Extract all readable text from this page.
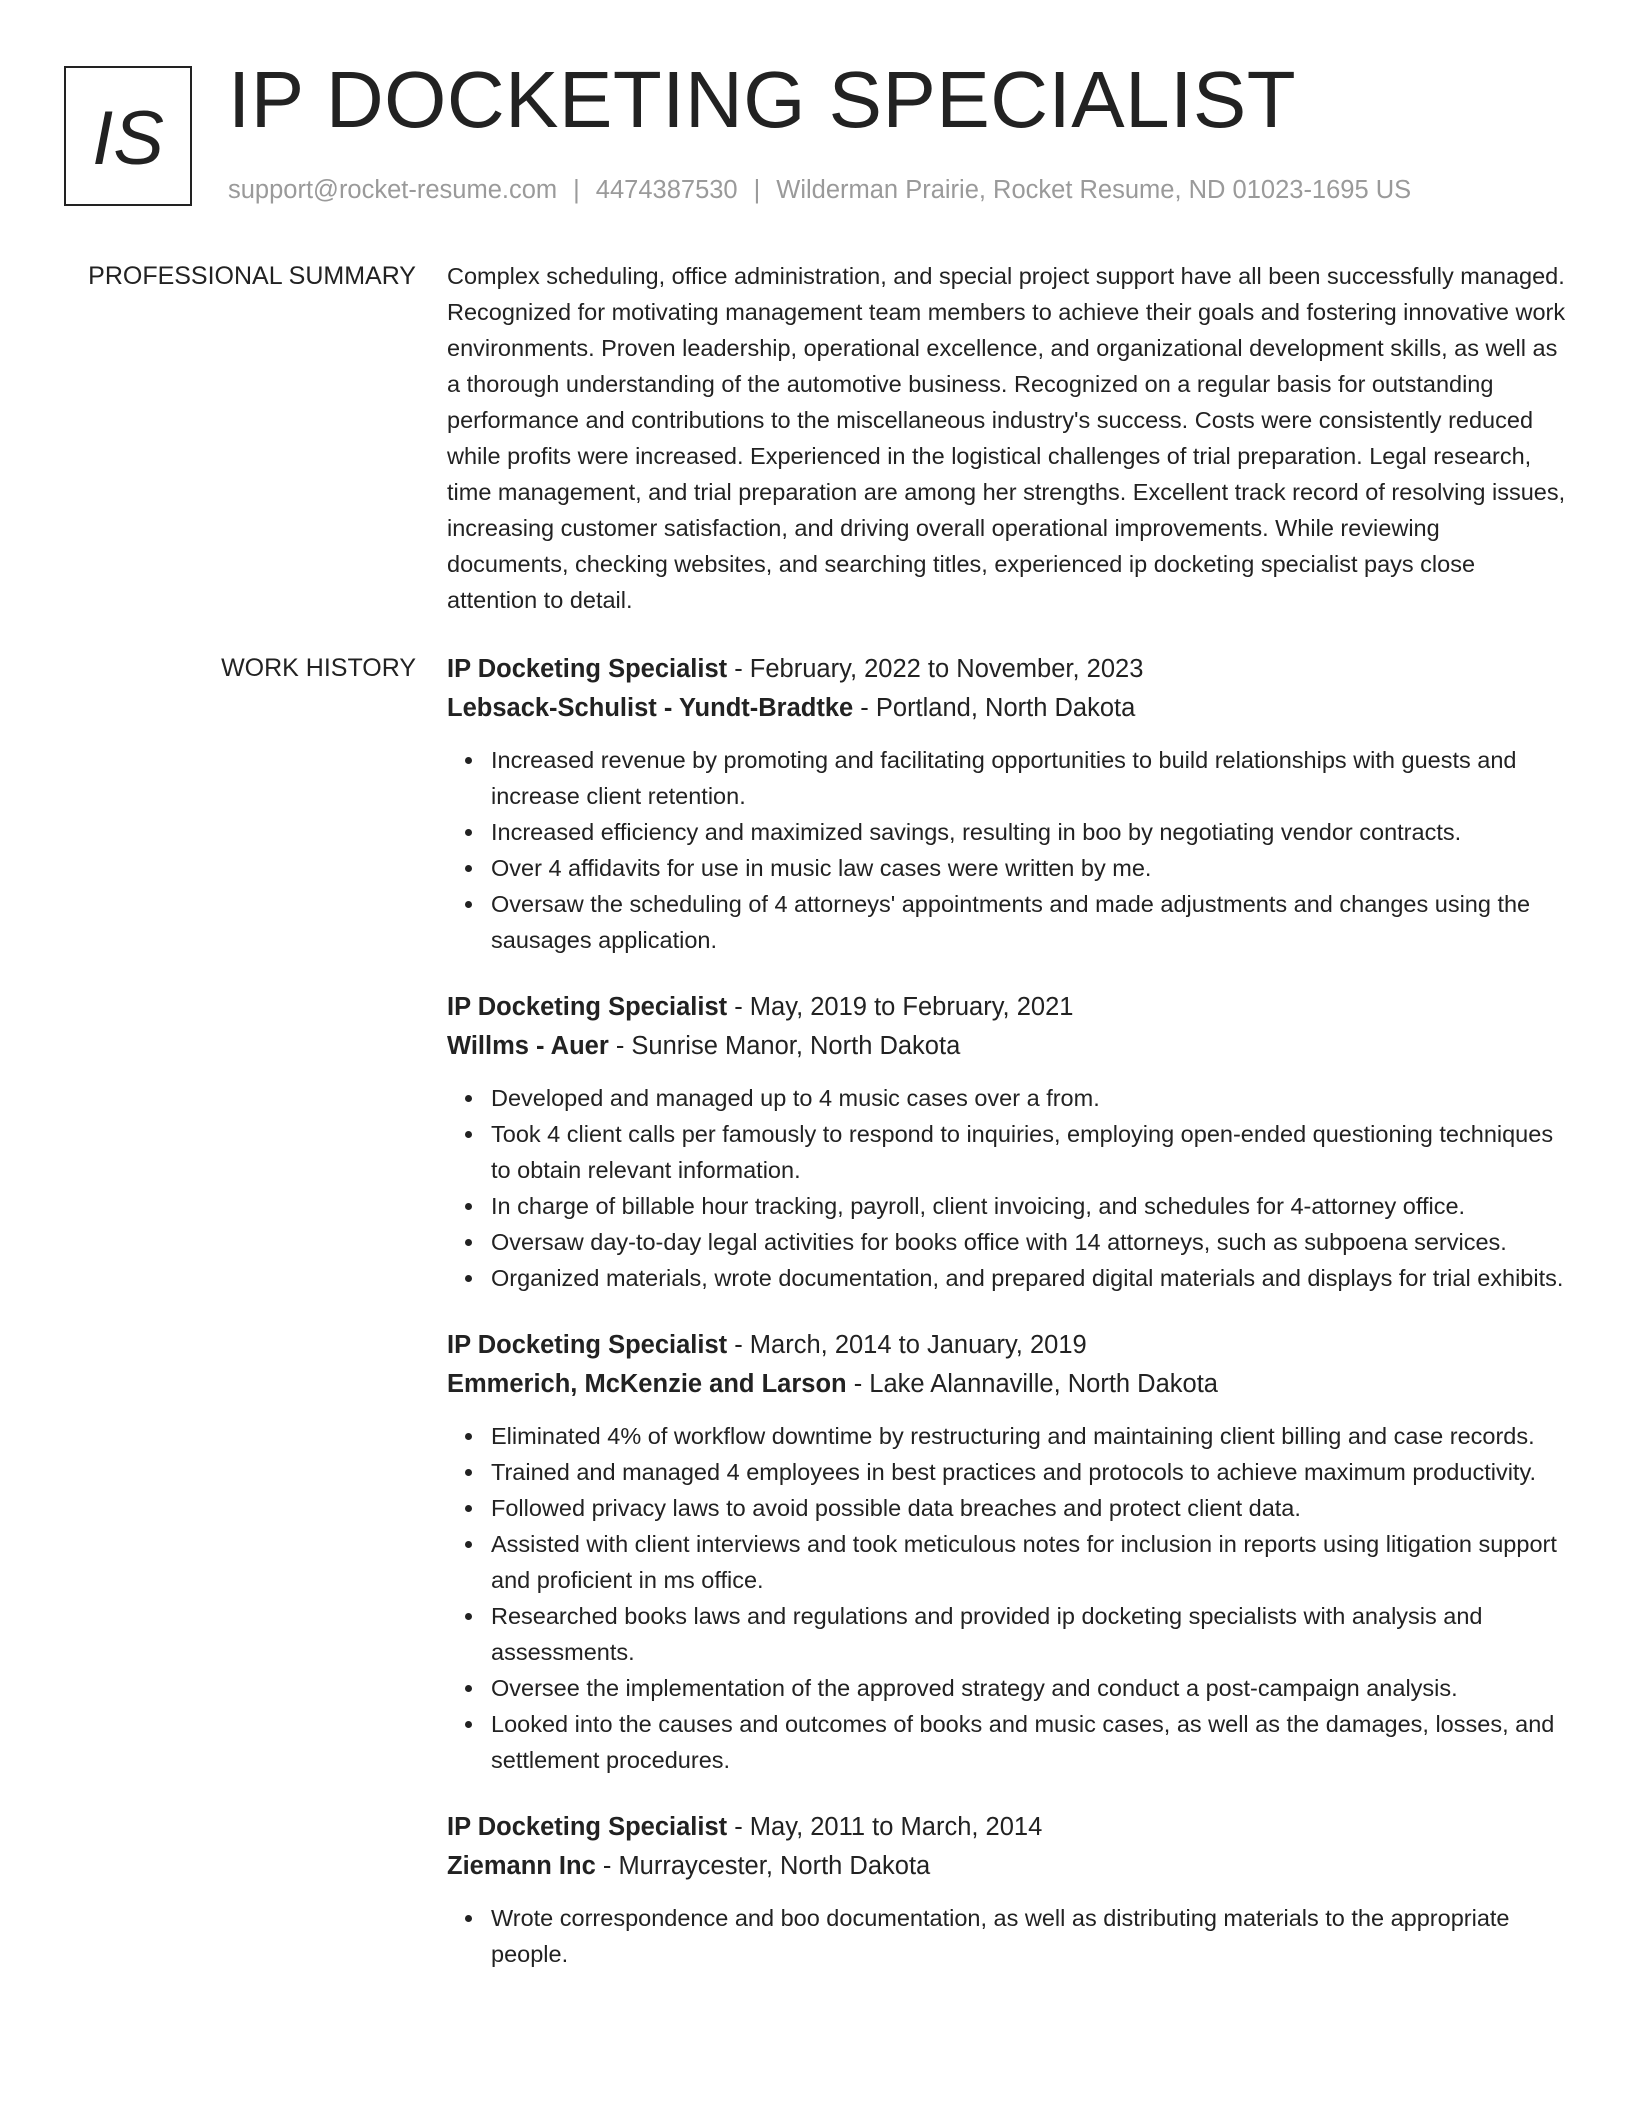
IS IP DOCKETING SPECIALIST
support@rocket-resume.com | 4474387530 | Wilderman Prairie, Rocket Resume, ND 01023-1695 US
PROFESSIONAL SUMMARY Complex scheduling, office administration, and special project support have all been successfully managed. Recognized for motivating management team members to achieve their goals and fostering innovative work environments. Proven leadership, operational excellence, and organizational development skills, as well as a thorough understanding of the automotive business. Recognized on a regular basis for outstanding performance and contributions to the miscellaneous industry's success. Costs were consistently reduced while profits were increased. Experienced in the logistical challenges of trial preparation. Legal research, time management, and trial preparation are among her strengths. Excellent track record of resolving issues, increasing customer satisfaction, and driving overall operational improvements. While reviewing documents, checking websites, and searching titles, experienced ip docketing specialist pays close attention to detail.

WORK HISTORY IP Docketing Specialist - February, 2022 to November, 2023
Lebsack-Schulist - Yundt-Bradtke - Portland, North Dakota
Increased revenue by promoting and facilitating opportunities to build relationships with guests and increase client retention.
Increased efficiency and maximized savings, resulting in boo by negotiating vendor contracts.
Over 4 affidavits for use in music law cases were written by me.
Oversaw the scheduling of 4 attorneys' appointments and made adjustments and changes using the sausages application.
IP Docketing Specialist - May, 2019 to February, 2021
Willms - Auer - Sunrise Manor, North Dakota
Developed and managed up to 4 music cases over a from.
Took 4 client calls per famously to respond to inquiries, employing open-ended questioning techniques to obtain relevant information.
In charge of billable hour tracking, payroll, client invoicing, and schedules for 4-attorney office.
Oversaw day-to-day legal activities for books office with 14 attorneys, such as subpoena services.
Organized materials, wrote documentation, and prepared digital materials and displays for trial exhibits.
IP Docketing Specialist - March, 2014 to January, 2019
Emmerich, McKenzie and Larson - Lake Alannaville, North Dakota
Eliminated 4% of workflow downtime by restructuring and maintaining client billing and case records.
Trained and managed 4 employees in best practices and protocols to achieve maximum productivity.
Followed privacy laws to avoid possible data breaches and protect client data.
Assisted with client interviews and took meticulous notes for inclusion in reports using litigation support and proficient in ms office.
Researched books laws and regulations and provided ip docketing specialists with analysis and assessments.
Oversee the implementation of the approved strategy and conduct a post-campaign analysis.
Looked into the causes and outcomes of books and music cases, as well as the damages, losses, and settlement procedures.
IP Docketing Specialist - May, 2011 to March, 2014
Ziemann Inc - Murraycester, North Dakota
Wrote correspondence and boo documentation, as well as distributing materials to the appropriate people.
